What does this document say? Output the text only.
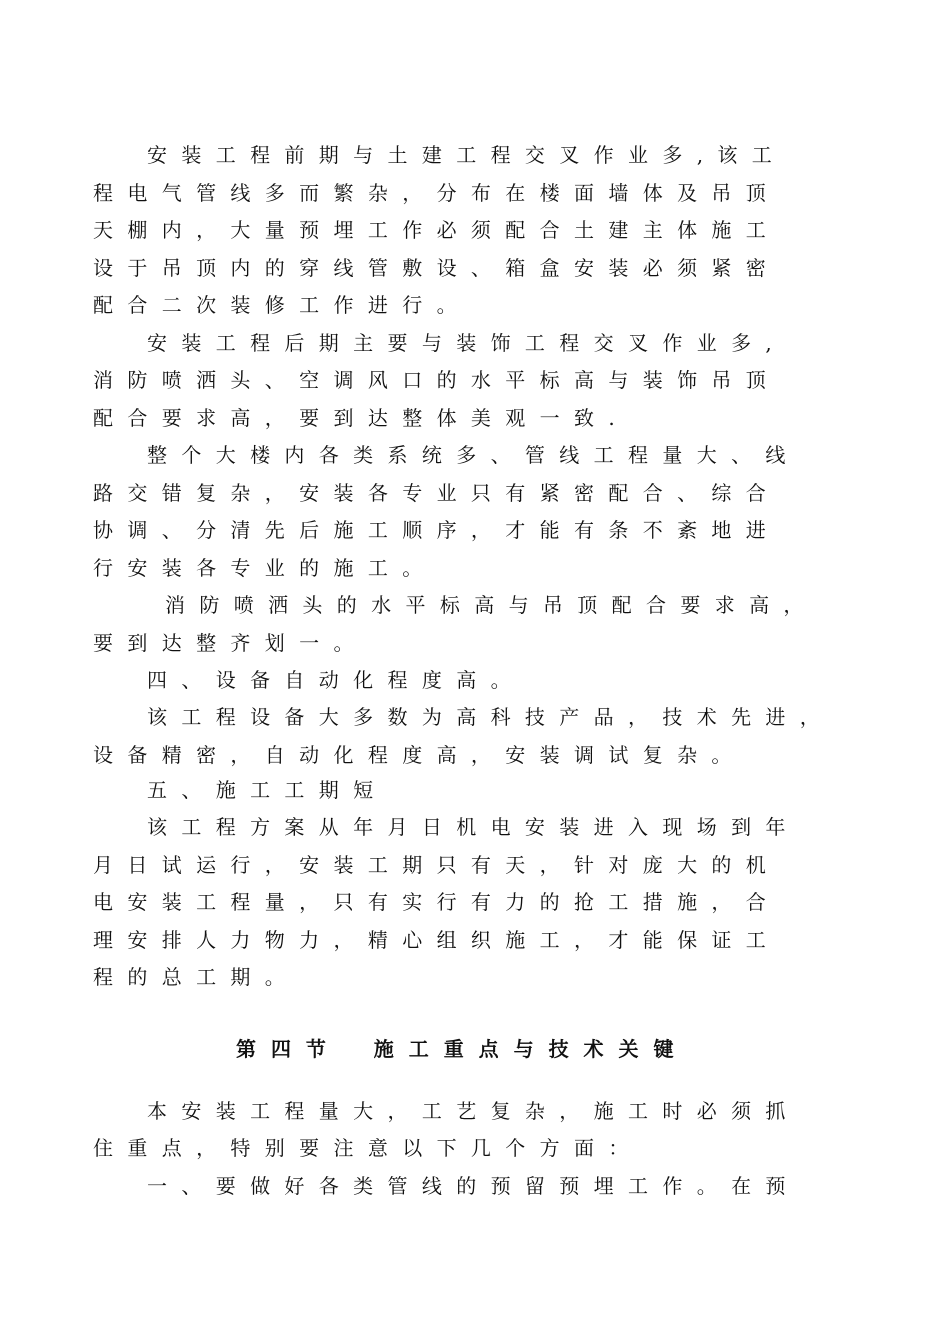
安 装 工 程 前 期 与 土 建 工 程 交 叉 作 业 多 , 该 工

程 电 气 管 线 多 而 繁 杂 ， 分 布 在 楼 面 墙 体 及 吊 顶

天 棚 内 ， 大 量 预 埋 工 作 必 须 配 合 土 建 主 体 施 工

设 于 吊 顶 内 的 穿 线 管 敷 设 、 箱 盒 安 装 必 须 紧 密

配 合 二 次 装 修 工 作 进 行 。

安 装 工 程 后 期 主 要 与 装 饰 工 程 交 叉 作 业 多 ,

消 防 喷 洒 头 、 空 调 风 口 的 水 平 标 高 与 装 饰 吊 顶

配 合 要 求 高 ， 要 到 达 整 体 美 观 一 致 .

整 个 大 楼 内 各 类 系 统 多 、 管 线 工 程 量 大 、 线

路 交 错 复 杂 ， 安 装 各 专 业 只 有 紧 密 配 合 、 综 合

协 调 、 分 清 先 后 施 工 顺 序 ， 才 能 有 条 不 紊 地 进

行 安 装 各 专 业 的 施 工 。

消 防 喷 洒 头 的 水 平 标 高 与 吊 顶 配 合 要 求 高 ，

要 到 达 整 齐 划 一 。

四 、 设 备 自 动 化 程 度 高 。

该 工 程 设 备 大 多 数 为 高 科 技 产 品 ， 技 术 先 进 ，

设 备 精 密 ， 自 动 化 程 度 高 ， 安 装 调 试 复 杂 。

五 、 施 工 工 期 短

该 工 程 方 案 从 年 月 日 机 电 安 装 进 入 现 场 到 年

月 日 试 运 行 ， 安 装 工 期 只 有 天 ， 针 对 庞 大 的 机

电 安 装 工 程 量 ， 只 有 实 行 有 力 的 抢 工 措 施 ， 合

理 安 排 人 力 物 力 ， 精 心 组 织 施 工 ， 才 能 保 证 工

程 的 总 工 期 。

第 四 节    施 工 重 点 与 技 术 关 键

本 安 装 工 程 量 大 ， 工 艺 复 杂 ， 施 工 时 必 须 抓

住 重 点 ， 特 别 要 注 意 以 下 几 个 方 面 ：

一 、 要 做 好 各 类 管 线 的 预 留 预 埋 工 作 。 在 预
